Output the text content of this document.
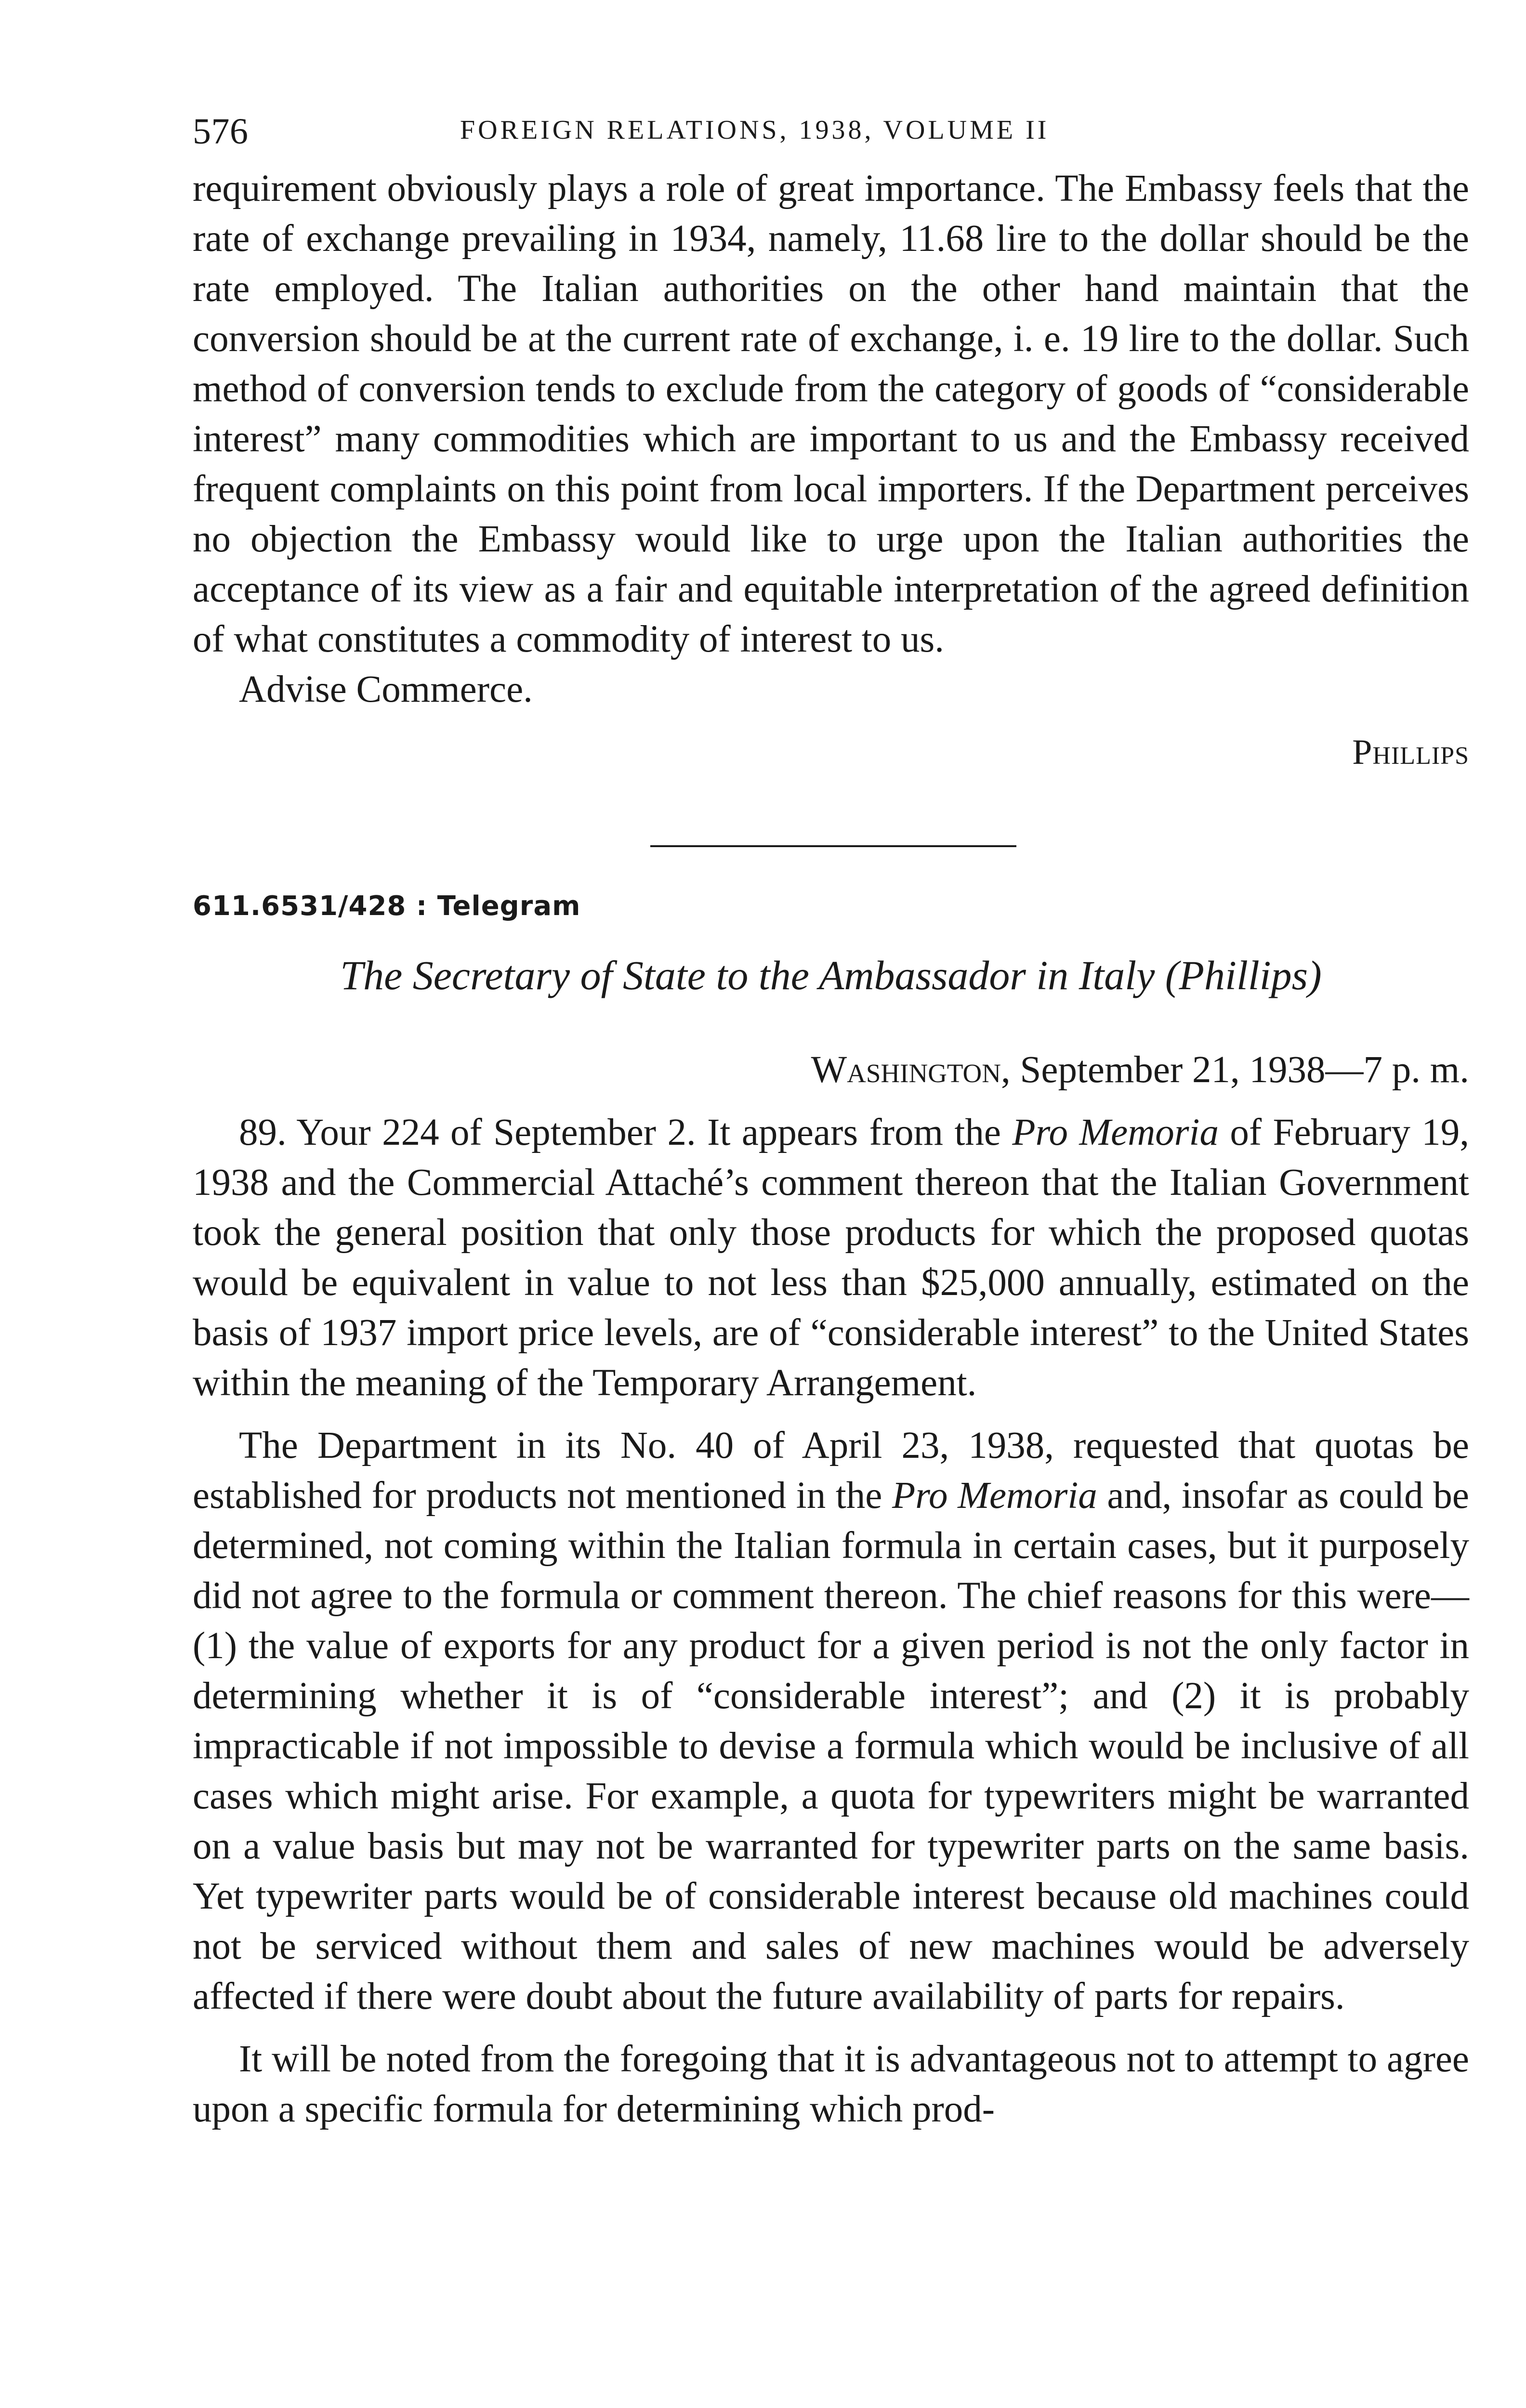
576	FOREIGN RELATIONS, 1938, VOLUME II

requirement obviously plays a role of great importance. The Embassy feels that the rate of exchange prevailing in 1934, namely, 11.68 lire to the dollar should be the rate employed. The Italian authorities on the other hand maintain that the conversion should be at the current rate of exchange, i. e. 19 lire to the dollar. Such method of conversion tends to exclude from the category of goods of “considerable interest” many commodities which are important to us and the Embassy received frequent complaints on this point from local importers. If the Department perceives no objection the Embassy would like to urge upon the Italian authorities the acceptance of its view as a fair and equitable interpretation of the agreed definition of what constitutes a commodity of interest to us.

Advise Commerce.

Phillips
611.6531/428 : Telegram
The Secretary of State to the Ambassador in Italy (Phillips)
Washington, September 21, 1938—7 p. m.

89. Your 224 of September 2. It appears from the Pro Memoria of February 19, 1938 and the Commercial Attaché’s comment thereon that the Italian Government took the general position that only those products for which the proposed quotas would be equivalent in value to not less than $25,000 annually, estimated on the basis of 1937 import price levels, are of “considerable interest” to the United States within the meaning of the Temporary Arrangement.

The Department in its No. 40 of April 23, 1938, requested that quotas be established for products not mentioned in the Pro Memoria and, insofar as could be determined, not coming within the Italian formula in certain cases, but it purposely did not agree to the formula or comment thereon. The chief reasons for this were—(1) the value of exports for any product for a given period is not the only factor in determining whether it is of “considerable interest”; and (2) it is probably impracticable if not impossible to devise a formula which would be inclusive of all cases which might arise. For example, a quota for typewriters might be warranted on a value basis but may not be warranted for typewriter parts on the same basis. Yet typewriter parts would be of considerable interest because old machines could not be serviced without them and sales of new machines would be adversely affected if there were doubt about the future availability of parts for repairs.

It will be noted from the foregoing that it is advantageous not to attempt to agree upon a specific formula for determining which prod-
